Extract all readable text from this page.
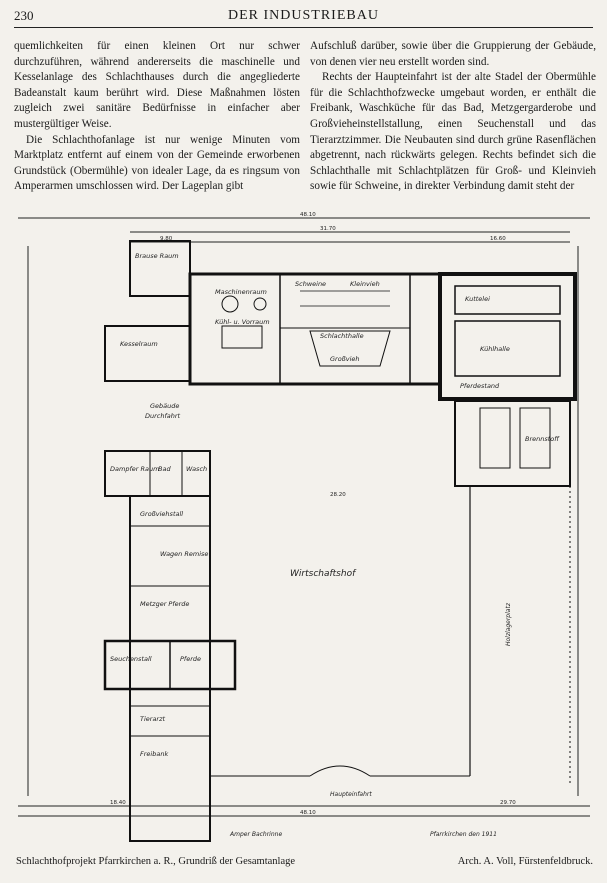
230	DER INDUSTRIEBAU

quemlichkeiten für einen kleinen Ort nur schwer durchzuführen, während andererseits die maschinelle und Kesselanlage des Schlachthauses durch die angegliederte Badeanstalt kaum berührt wird. Diese Maßnahmen lösten zugleich zwei sanitäre Bedürfnisse in einfacher aber mustergültiger Weise.

Die Schlachthofanlage ist nur wenige Minuten vom Marktplatz entfernt auf einem von der Gemeinde erworbenen Grundstück (Obermühle) von idealer Lage, da es ringsum von Amperarmen umschlossen wird. Der Lageplan gibt

Aufschluß darüber, sowie über die Gruppierung der Gebäude, von denen vier neu erstellt worden sind.

Rechts der Haupteinfahrt ist der alte Stadel der Obermühle für die Schlachthofzwecke umgebaut worden, er enthält die Freibank, Waschküche für das Bad, Metzgergarderobe und Großvieheinstellstallung, einen Seuchenstall und das Tierarztzimmer. Die Neubauten sind durch grüne Rasenflächen abgetrennt, nach rückwärts gelegen. Rechts befindet sich die Schlachthalle mit Schlachtplätzen für Groß- und Kleinvieh sowie für Schweine, in direkter Verbindung damit steht der

Brause Raum
Kesselraum
Maschinenraum
Kühl- u. Vorraum
Schlachthalle
Schweine	Kleinvieh
Großvieh
Kuttelei
Kühlhalle
Brennstoff
Gebäude
Durchfahrt
Dampfer Raum
Bad Wasch
Großviehstall
Wagen Remise
Metzger Pferde
Seuchenstall	Pferde
Tierarzt
Freibank
Pferdestand
Wirtschaftshof
48.10
31.70
9.80	16.60
28.20
48.10
18.40	29.70
Amper Bachrinne	Pfarrkirchen den 1911
Haupteinfahrt
Holzlagerplatz
Schlachthofprojekt Pfarrkirchen a. R., Grundriß der Gesamtanlage	Arch. A. Voll, Fürstenfeldbruck.
